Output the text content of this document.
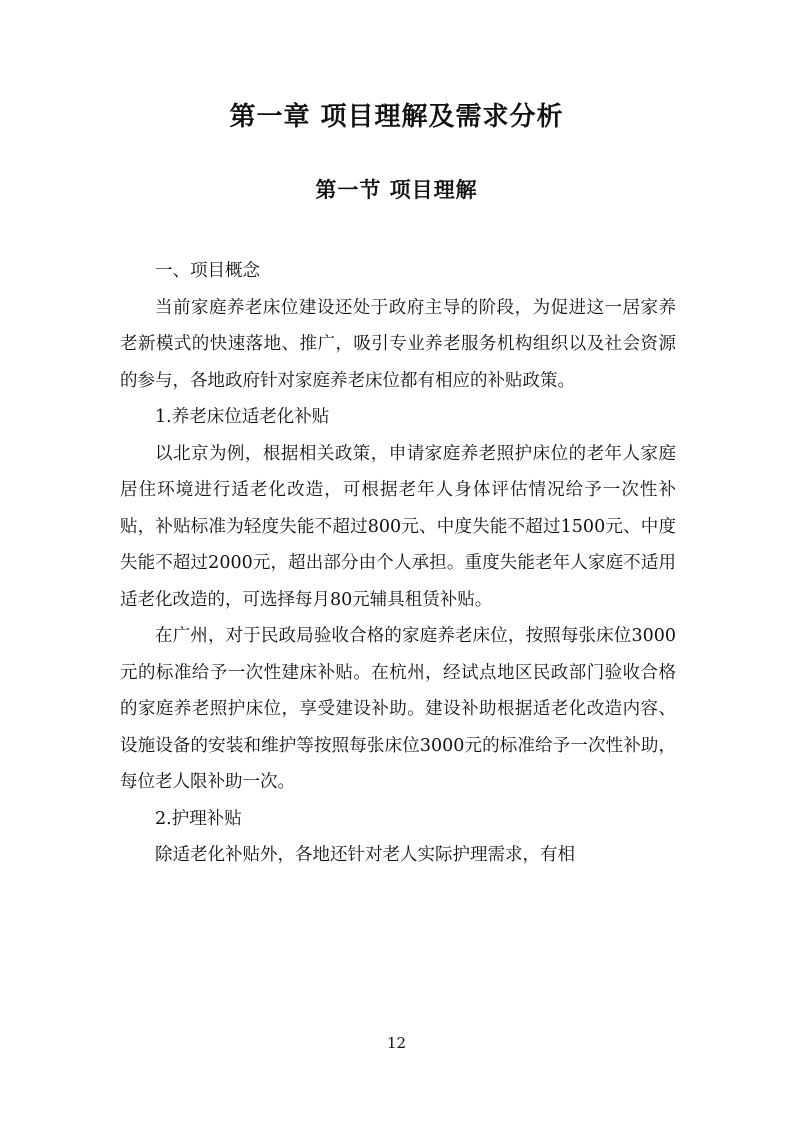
第一章 项目理解及需求分析
第一节 项目理解

一、项目概念

当前家庭养老床位建设还处于政府主导的阶段，为促进这一居家养老新模式的快速落地、推广，吸引专业养老服务机构组织以及社会资源的参与，各地政府针对家庭养老床位都有相应的补贴政策。

1.养老床位适老化补贴

以北京为例，根据相关政策，申请家庭养老照护床位的老年人家庭居住环境进行适老化改造，可根据老年人身体评估情况给予一次性补贴，补贴标准为轻度失能不超过800元、中度失能不超过1500元、中度失能不超过2000元，超出部分由个人承担。重度失能老年人家庭不适用适老化改造的，可选择每月80元辅具租赁补贴。

在广州，对于民政局验收合格的家庭养老床位，按照每张床位3000元的标准给予一次性建床补贴。在杭州，经试点地区民政部门验收合格的家庭养老照护床位，享受建设补助。建设补助根据适老化改造内容、设施设备的安装和维护等按照每张床位3000元的标准给予一次性补助，每位老人限补助一次。

2.护理补贴

除适老化补贴外，各地还针对老人实际护理需求，有相

12
